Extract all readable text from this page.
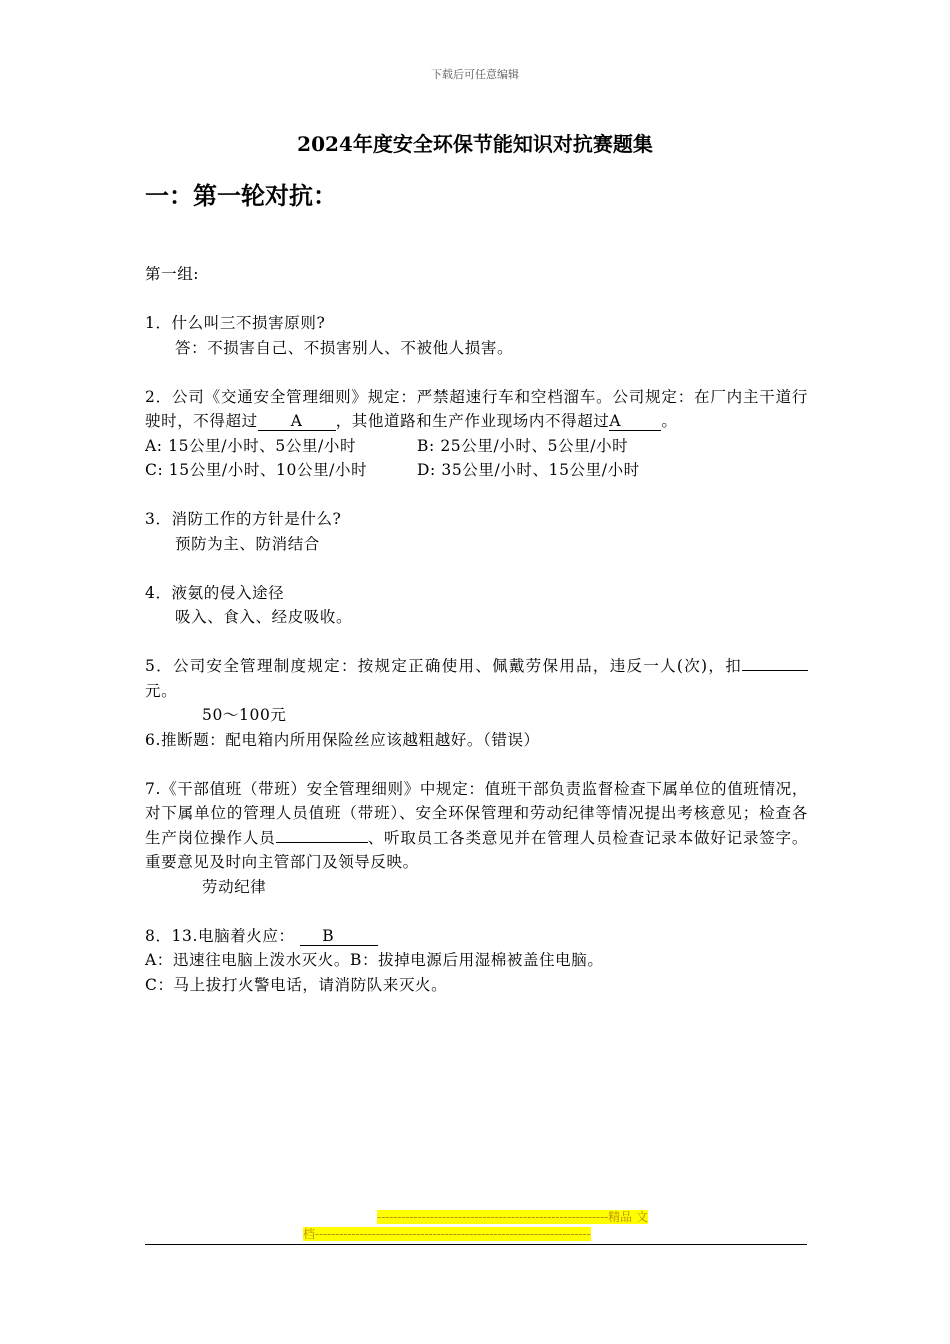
下载后可任意编辑
2024年度安全环保节能知识对抗赛题集
一：第一轮对抗：

第一组:

1．什么叫三不损害原则?

答：不损害自己、不损害别人、不被他人损害。

2．公司《交通安全管理细则》规定：严禁超速行车和空档溜车。公司规定：在厂内主干道行驶时，不得超过 A ，其他道路和生产作业现场内不得超过A	。

A: 15公里/小时、5公里/小时	B: 25公里/小时、5公里/小时

C: 15公里/小时、10公里/小时	D: 35公里/小时、15公里/小时

3．消防工作的方针是什么?

预防为主、防消结合

4．液氨的侵入途径

吸入、食入、经皮吸收。

5．公司安全管理制度规定：按规定正确使用、佩戴劳保用品，违反一人(次)，扣元。

50～100元

6.推断题：配电箱内所用保险丝应该越粗越好。（错误）

7.《干部值班（带班）安全管理细则》中规定：值班干部负责监督检查下属单位的值班情况，对下属单位的管理人员值班（带班）、安全环保管理和劳动纪律等情况提出考核意见；检查各生产岗位操作人员	、听取员工各类意见并在管理人员检查记录本做好记录签字。重要意见及时向主管部门及领导反映。

劳动纪律

8．13.电脑着火应： B

A：迅速往电脑上泼水灭火。B：拔掉电源后用湿棉被盖住电脑。

C：马上拔打火警电话，请消防队来灭火。

---------------------------------------------------------精品 文
档--------------------------------------------------------------------
